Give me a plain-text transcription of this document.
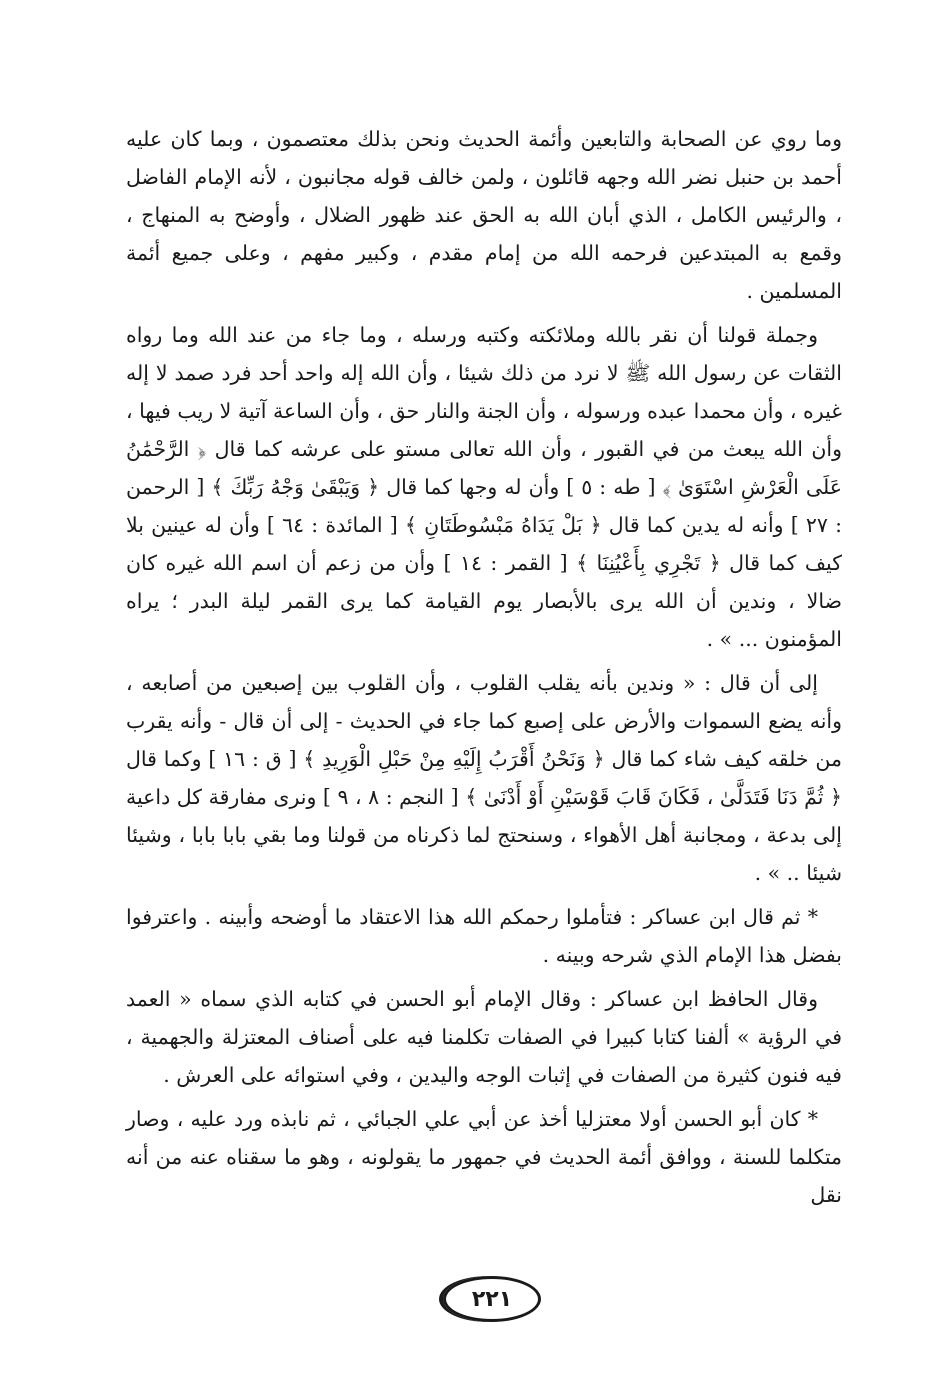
وما روي عن الصحابة والتابعين وأئمة الحديث ونحن بذلك معتصمون ، وبما كان عليه أحمد بن حنبل نضر الله وجهه قائلون ، ولمن خالف قوله مجانبون ، لأنه الإمام الفاضل ، والرئيس الكامل ، الذي أبان الله به الحق عند ظهور الضلال ، وأوضح به المنهاج ، وقمع به المبتدعين فرحمه الله من إمام مقدم ، وكبير مفهم ، وعلى جميع أئمة المسلمين .

وجملة قولنا أن نقر بالله وملائكته وكتبه ورسله ، وما جاء من عند الله وما رواه الثقات عن رسول الله ﷺ لا نرد من ذلك شيئا ، وأن الله إله واحد أحد فرد صمد لا إله غيره ، وأن محمدا عبده ورسوله ، وأن الجنة والنار حق ، وأن الساعة آتية لا ريب فيها ، وأن الله يبعث من في القبور ، وأن الله تعالى مستو على عرشه كما قال ﴿ الرَّحْمَٰنُ عَلَى الْعَرْشِ اسْتَوَىٰ ﴾ [ طه : ٥ ] وأن له وجها كما قال ﴿ وَيَبْقَىٰ وَجْهُ رَبِّكَ ﴾ [ الرحمن : ٢٧ ] وأنه له يدين كما قال ﴿ بَلْ يَدَاهُ مَبْسُوطَتَانِ ﴾ [ المائدة : ٦٤ ] وأن له عينين بلا كيف كما قال ﴿ تَجْرِي بِأَعْيُنِنَا ﴾ [ القمر : ١٤ ] وأن من زعم أن اسم الله غيره كان ضالا ، وندين أن الله يرى بالأبصار يوم القيامة كما يرى القمر ليلة البدر ؛ يراه المؤمنون ... » .

إلى أن قال : « وندين بأنه يقلب القلوب ، وأن القلوب بين إصبعين من أصابعه ، وأنه يضع السموات والأرض على إصبع كما جاء في الحديث - إلى أن قال - وأنه يقرب من خلقه كيف شاء كما قال ﴿ وَنَحْنُ أَقْرَبُ إِلَيْهِ مِنْ حَبْلِ الْوَرِيدِ ﴾ [ ق : ١٦ ] وكما قال ﴿ ثُمَّ دَنَا فَتَدَلَّىٰ ، فَكَانَ قَابَ قَوْسَيْنِ أَوْ أَدْنَىٰ ﴾ [ النجم : ٨ ، ٩ ] ونرى مفارقة كل داعية إلى بدعة ، ومجانبة أهل الأهواء ، وسنحتج لما ذكرناه من قولنا وما بقي بابا بابا ، وشيئا شيئا .. » .

* ثم قال ابن عساكر : فتأملوا رحمكم الله هذا الاعتقاد ما أوضحه وأبينه . واعترفوا بفضل هذا الإمام الذي شرحه وبينه .

وقال الحافظ ابن عساكر : وقال الإمام أبو الحسن في كتابه الذي سماه « العمد في الرؤية » ألفنا كتابا كبيرا في الصفات تكلمنا فيه على أصناف المعتزلة والجهمية ، فيه فنون كثيرة من الصفات في إثبات الوجه واليدين ، وفي استوائه على العرش .

* كان أبو الحسن أولا معتزليا أخذ عن أبي علي الجبائي ، ثم نابذه ورد عليه ، وصار متكلما للسنة ، ووافق أئمة الحديث في جمهور ما يقولونه ، وهو ما سقناه عنه من أنه نقل

٢٢١
